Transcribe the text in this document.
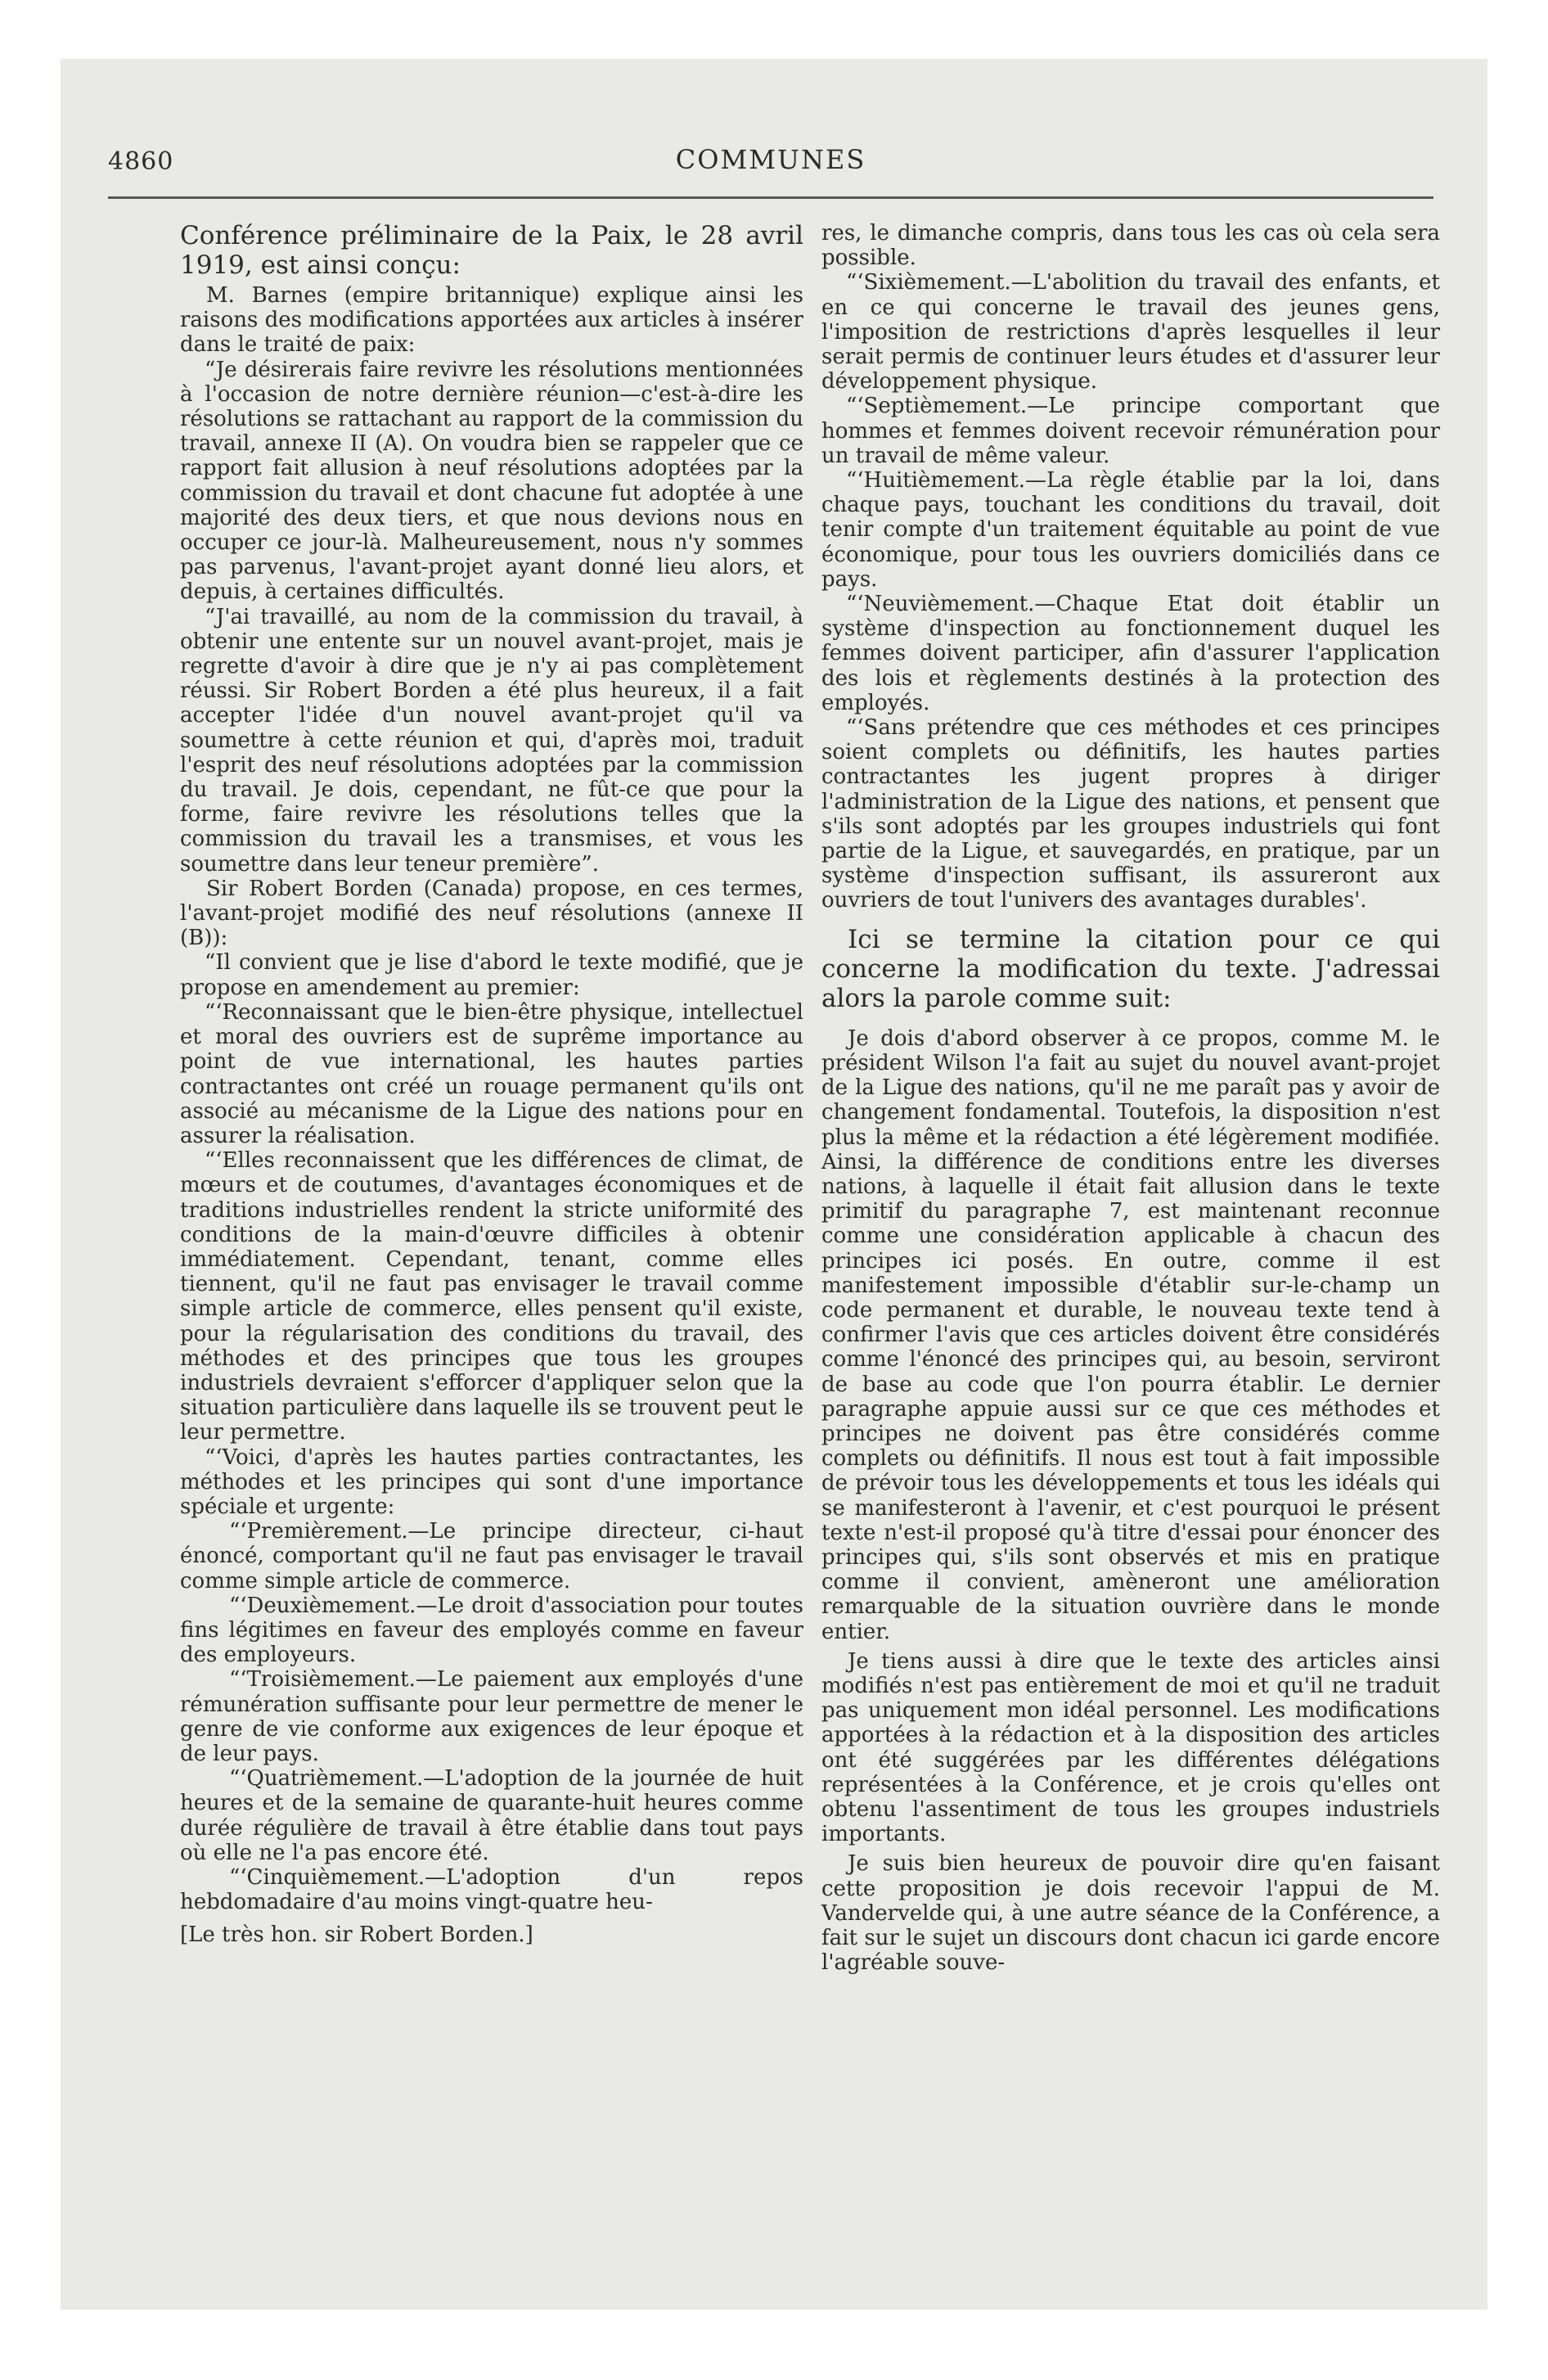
4860	COMMUNES

Conférence préliminaire de la Paix, le 28 avril 1919, est ainsi conçu:

M. Barnes (empire britannique) explique ainsi les raisons des modifications apportées aux articles à insérer dans le traité de paix:

“Je désirerais faire revivre les résolutions mentionnées à l'occasion de notre dernière réunion—c'est-à-dire les résolutions se rattachant au rapport de la commission du travail, annexe II (A). On voudra bien se rappeler que ce rapport fait allusion à neuf résolutions adoptées par la commission du travail et dont chacune fut adoptée à une majorité des deux tiers, et que nous devions nous en occuper ce jour-là. Malheureusement, nous n'y sommes pas parvenus, l'avant-projet ayant donné lieu alors, et depuis, à certaines difficultés.

“J'ai travaillé, au nom de la commission du travail, à obtenir une entente sur un nouvel avant-projet, mais je regrette d'avoir à dire que je n'y ai pas complètement réussi. Sir Robert Borden a été plus heureux, il a fait accepter l'idée d'un nouvel avant-projet qu'il va soumettre à cette réunion et qui, d'après moi, traduit l'esprit des neuf résolutions adoptées par la commission du travail. Je dois, cependant, ne fût-ce que pour la forme, faire revivre les résolutions telles que la commission du travail les a transmises, et vous les soumettre dans leur teneur première”.

Sir Robert Borden (Canada) propose, en ces termes, l'avant-projet modifié des neuf résolutions (annexe II (B)):

“Il convient que je lise d'abord le texte modifié, que je propose en amendement au premier:

“‘Reconnaissant que le bien-être physique, intellectuel et moral des ouvriers est de suprême importance au point de vue international, les hautes parties contractantes ont créé un rouage permanent qu'ils ont associé au mécanisme de la Ligue des nations pour en assurer la réalisation.

“‘Elles reconnaissent que les différences de climat, de mœurs et de coutumes, d'avantages économiques et de traditions industrielles rendent la stricte uniformité des conditions de la main-d'œuvre difficiles à obtenir immédiatement. Cependant, tenant, comme elles tiennent, qu'il ne faut pas envisager le travail comme simple article de commerce, elles pensent qu'il existe, pour la régularisation des conditions du travail, des méthodes et des principes que tous les groupes industriels devraient s'efforcer d'appliquer selon que la situation particulière dans laquelle ils se trouvent peut le leur permettre.

“‘Voici, d'après les hautes parties contractantes, les méthodes et les principes qui sont d'une importance spéciale et urgente:

“‘Premièrement.—Le principe directeur, ci-haut énoncé, comportant qu'il ne faut pas envisager le travail comme simple article de commerce.

“‘Deuxièmement.—Le droit d'association pour toutes fins légitimes en faveur des employés comme en faveur des employeurs.

“‘Troisièmement.—Le paiement aux employés d'une rémunération suffisante pour leur permettre de mener le genre de vie conforme aux exigences de leur époque et de leur pays.

“‘Quatrièmement.—L'adoption de la journée de huit heures et de la semaine de quarante-huit heures comme durée régulière de travail à être établie dans tout pays où elle ne l'a pas encore été.

“‘Cinquièmement.—L'adoption d'un repos hebdomadaire d'au moins vingt-quatre heu-

[Le très hon. sir Robert Borden.]

res, le dimanche compris, dans tous les cas où cela sera possible.

“‘Sixièmement.—L'abolition du travail des enfants, et en ce qui concerne le travail des jeunes gens, l'imposition de restrictions d'après lesquelles il leur serait permis de continuer leurs études et d'assurer leur développement physique.

“‘Septièmement.—Le principe comportant que hommes et femmes doivent recevoir rémunération pour un travail de même valeur.

“‘Huitièmement.—La règle établie par la loi, dans chaque pays, touchant les conditions du travail, doit tenir compte d'un traitement équitable au point de vue économique, pour tous les ouvriers domiciliés dans ce pays.

“‘Neuvièmement.—Chaque Etat doit établir un système d'inspection au fonctionnement duquel les femmes doivent participer, afin d'assurer l'application des lois et règlements destinés à la protection des employés.

“‘Sans prétendre que ces méthodes et ces principes soient complets ou définitifs, les hautes parties contractantes les jugent propres à diriger l'administration de la Ligue des nations, et pensent que s'ils sont adoptés par les groupes industriels qui font partie de la Ligue, et sauvegardés, en pratique, par un système d'inspection suffisant, ils assureront aux ouvriers de tout l'univers des avantages durables'.

Ici se termine la citation pour ce qui concerne la modification du texte. J'adressai alors la parole comme suit:

Je dois d'abord observer à ce propos, comme M. le président Wilson l'a fait au sujet du nouvel avant-projet de la Ligue des nations, qu'il ne me paraît pas y avoir de changement fondamental. Toutefois, la disposition n'est plus la même et la rédaction a été légèrement modifiée. Ainsi, la différence de conditions entre les diverses nations, à laquelle il était fait allusion dans le texte primitif du paragraphe 7, est maintenant reconnue comme une considération applicable à chacun des principes ici posés. En outre, comme il est manifestement impossible d'établir sur-le-champ un code permanent et durable, le nouveau texte tend à confirmer l'avis que ces articles doivent être considérés comme l'énoncé des principes qui, au besoin, serviront de base au code que l'on pourra établir. Le dernier paragraphe appuie aussi sur ce que ces méthodes et principes ne doivent pas être considérés comme complets ou définitifs. Il nous est tout à fait impossible de prévoir tous les développements et tous les idéals qui se manifesteront à l'avenir, et c'est pourquoi le présent texte n'est-il proposé qu'à titre d'essai pour énoncer des principes qui, s'ils sont observés et mis en pratique comme il convient, amèneront une amélioration remarquable de la situation ouvrière dans le monde entier.

Je tiens aussi à dire que le texte des articles ainsi modifiés n'est pas entièrement de moi et qu'il ne traduit pas uniquement mon idéal personnel. Les modifications apportées à la rédaction et à la disposition des articles ont été suggérées par les différentes délégations représentées à la Conférence, et je crois qu'elles ont obtenu l'assentiment de tous les groupes industriels importants.

Je suis bien heureux de pouvoir dire qu'en faisant cette proposition je dois recevoir l'appui de M. Vandervelde qui, à une autre séance de la Conférence, a fait sur le sujet un discours dont chacun ici garde encore l'agréable souve-
